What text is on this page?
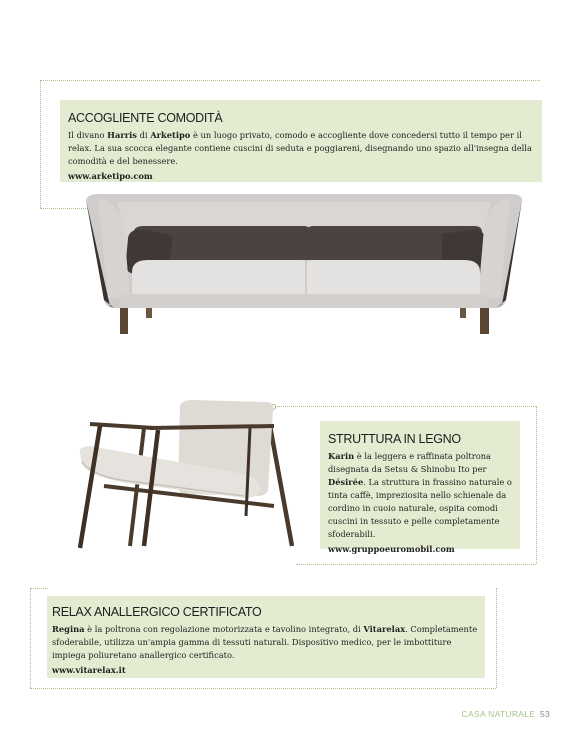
ACCOGLIENTE COMODITÀ

Il divano Harris di Arketipo è un luogo privato, comodo e accogliente dove concedersi tutto il tempo per il relax. La sua scocca elegante contiene cuscini di seduta e poggiareni, disegnando uno spazio all'insegna della comodità e del benessere.

www.arketipo.com
STRUTTURA IN LEGNO

Karin è la leggera e raffinata poltrona disegnata da Setsu & Shinobu Ito per Désirée. La struttura in frassino naturale o tinta caffè, impreziosita nello schienale da cordino in cuoio naturale, ospita comodi cuscini in tessuto e pelle completamente sfoderabili.

www.gruppoeuromobil.com
RELAX ANALLERGICO CERTIFICATO

Regina è la poltrona con regolazione motorizzata e tavolino integrato, di Vitarelax. Completamente sfoderabile, utilizza un'ampia gamma di tessuti naturali. Dispositivo medico, per le imbottiture impiega poliuretano anallergico certificato.

www.vitarelax.it
CASA NATURALE 53
